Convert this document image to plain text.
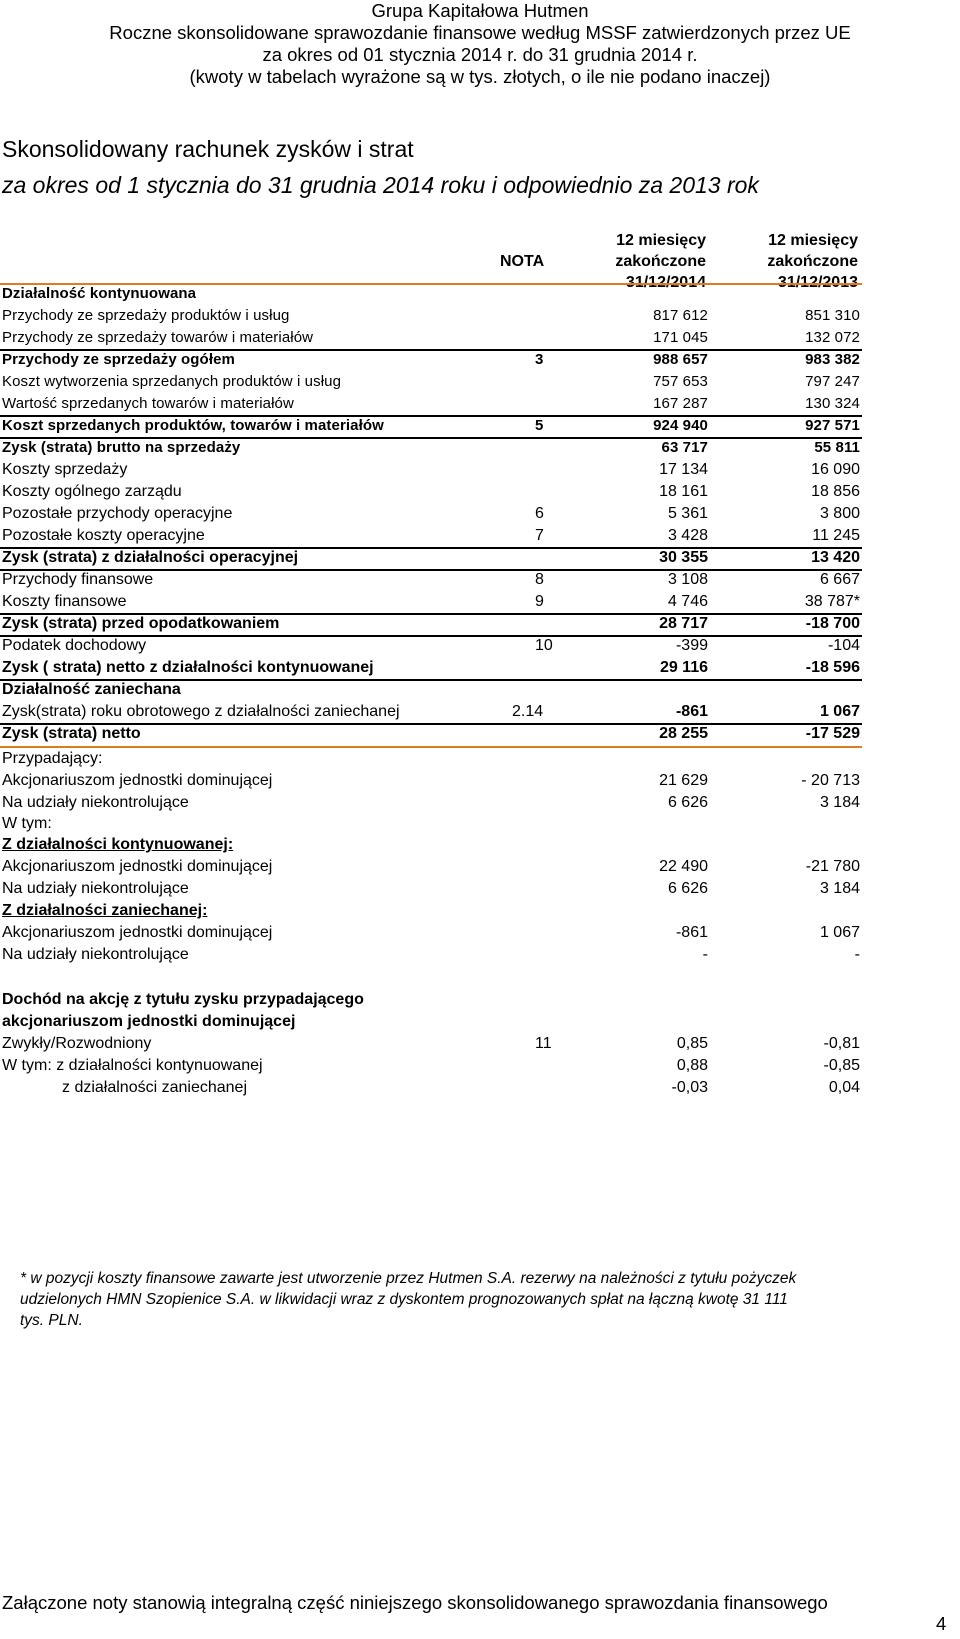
Grupa Kapitałowa Hutmen
Roczne skonsolidowane sprawozdanie finansowe według MSSF zatwierdzonych przez UE
za okres od 01 stycznia 2014 r. do 31 grudnia 2014 r.
(kwoty w tabelach wyrażone są w tys. złotych, o ile nie podano inaczej)
Skonsolidowany rachunek zysków i strat
za okres od 1 stycznia do 31 grudnia 2014 roku i odpowiednio za 2013 rok
NOTA
12 miesięcy
zakończone
31/12/2014
12 miesięcy
zakończone
31/12/2013
Działalność kontynuowana
Przychody ze sprzedaży produktów i usług	817 612	851 310
Przychody ze sprzedaży towarów i materiałów	171 045	132 072
Przychody ze sprzedaży ogółem	3	988 657	983 382
Koszt wytworzenia sprzedanych produktów i usług	757 653	797 247
Wartość sprzedanych towarów i materiałów	167 287	130 324
Koszt sprzedanych produktów, towarów i materiałów	5	924 940	927 571
Zysk (strata) brutto na sprzedaży	63 717	55 811
Koszty sprzedaży	17 134	16 090
Koszty ogólnego zarządu	18 161	18 856
Pozostałe przychody operacyjne	6	5 361	3 800
Pozostałe koszty operacyjne	7	3 428	11 245
Zysk (strata) z działalności operacyjnej	30 355	13 420
Przychody finansowe	8	3 108	6 667
Koszty finansowe	9	4 746	38 787*
Zysk (strata) przed opodatkowaniem	28 717	-18 700
Podatek dochodowy	10	-399	-104
Zysk ( strata) netto z działalności kontynuowanej	29 116	-18 596
Działalność zaniechana
Zysk(strata) roku obrotowego z działalności zaniechanej	2.14	-861	1 067
Zysk (strata) netto	28 255	-17 529
Przypadający:
Akcjonariuszom jednostki dominującej	21 629	- 20 713
Na udziały niekontrolujące	6 626	3 184
W tym:
Z działalności kontynuowanej:
Akcjonariuszom jednostki dominującej	22 490	-21 780
Na udziały niekontrolujące	6 626	3 184
Z działalności zaniechanej:
Akcjonariuszom jednostki dominującej	-861	1 067
Na udziały niekontrolujące	-	-
Dochód na akcję z tytułu zysku przypadającego
akcjonariuszom jednostki dominującej
Zwykły/Rozwodniony	11	0,85	-0,81
W tym: z działalności kontynuowanej	0,88	-0,85
z działalności zaniechanej	-0,03	0,04
* w pozycji koszty finansowe zawarte jest utworzenie przez Hutmen S.A. rezerwy na należności z tytułu pożyczek
udzielonych HMN Szopienice S.A. w likwidacji wraz z dyskontem prognozowanych spłat na łączną kwotę 31 111
tys. PLN.
Załączone noty stanowią integralną część niniejszego skonsolidowanego sprawozdania finansowego
4
